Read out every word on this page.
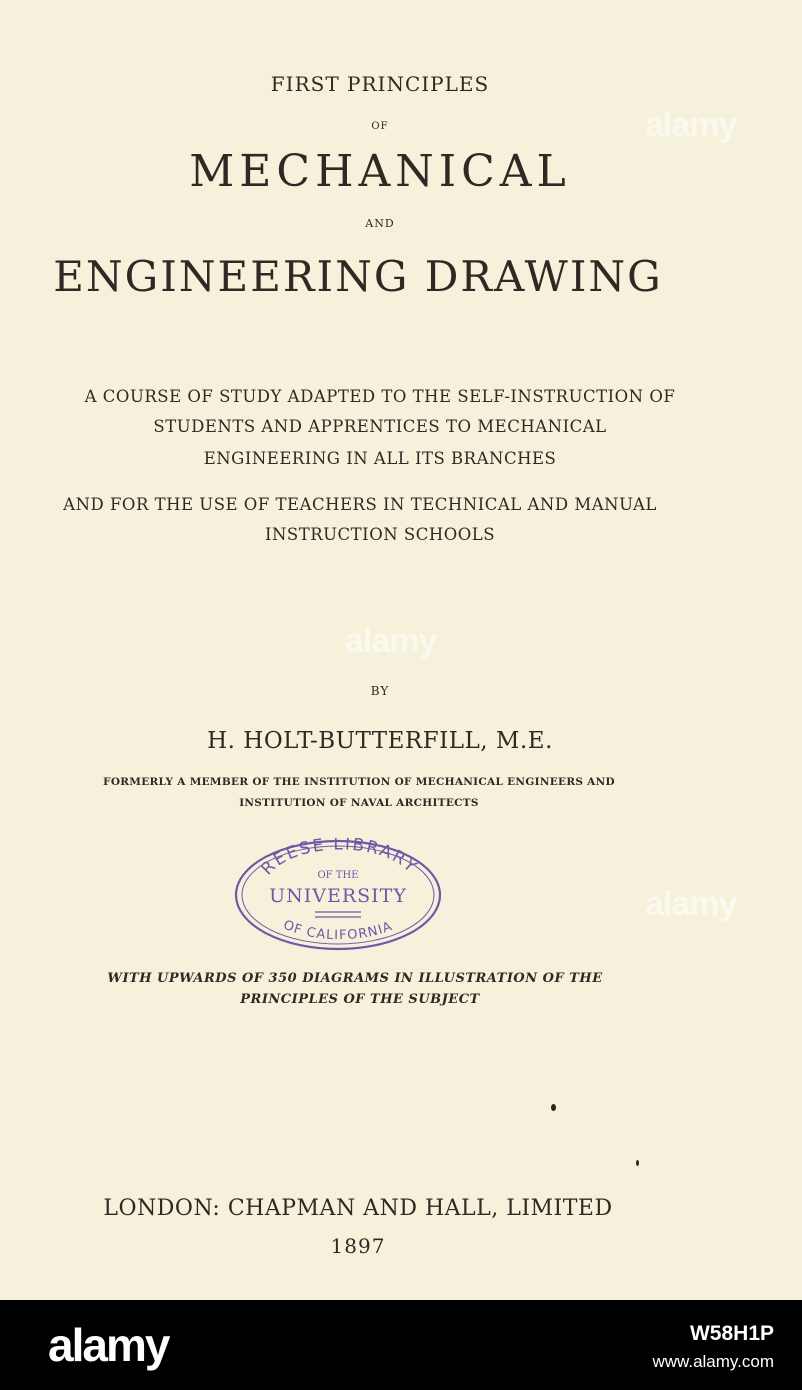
alamy
alamy
alamy
FIRST PRINCIPLES
OF
MECHANICAL
AND
ENGINEERING DRAWING
A COURSE OF STUDY ADAPTED TO THE SELF-INSTRUCTION OF
STUDENTS AND APPRENTICES TO MECHANICAL
ENGINEERING IN ALL ITS BRANCHES
AND FOR THE USE OF TEACHERS IN TECHNICAL AND MANUAL
INSTRUCTION SCHOOLS
BY
H. HOLT-BUTTERFILL, M.E.
FORMERLY A MEMBER OF THE INSTITUTION OF MECHANICAL ENGINEERS AND
INSTITUTION OF NAVAL ARCHITECTS
REESE LIBRARY
OF THE
UNIVERSITY
OF CALIFORNIA
WITH UPWARDS OF 350 DIAGRAMS IN ILLUSTRATION OF THE
PRINCIPLES OF THE SUBJECT
LONDON: CHAPMAN AND HALL, LIMITED
1897
alamy	W58H1P
www.alamy.com
